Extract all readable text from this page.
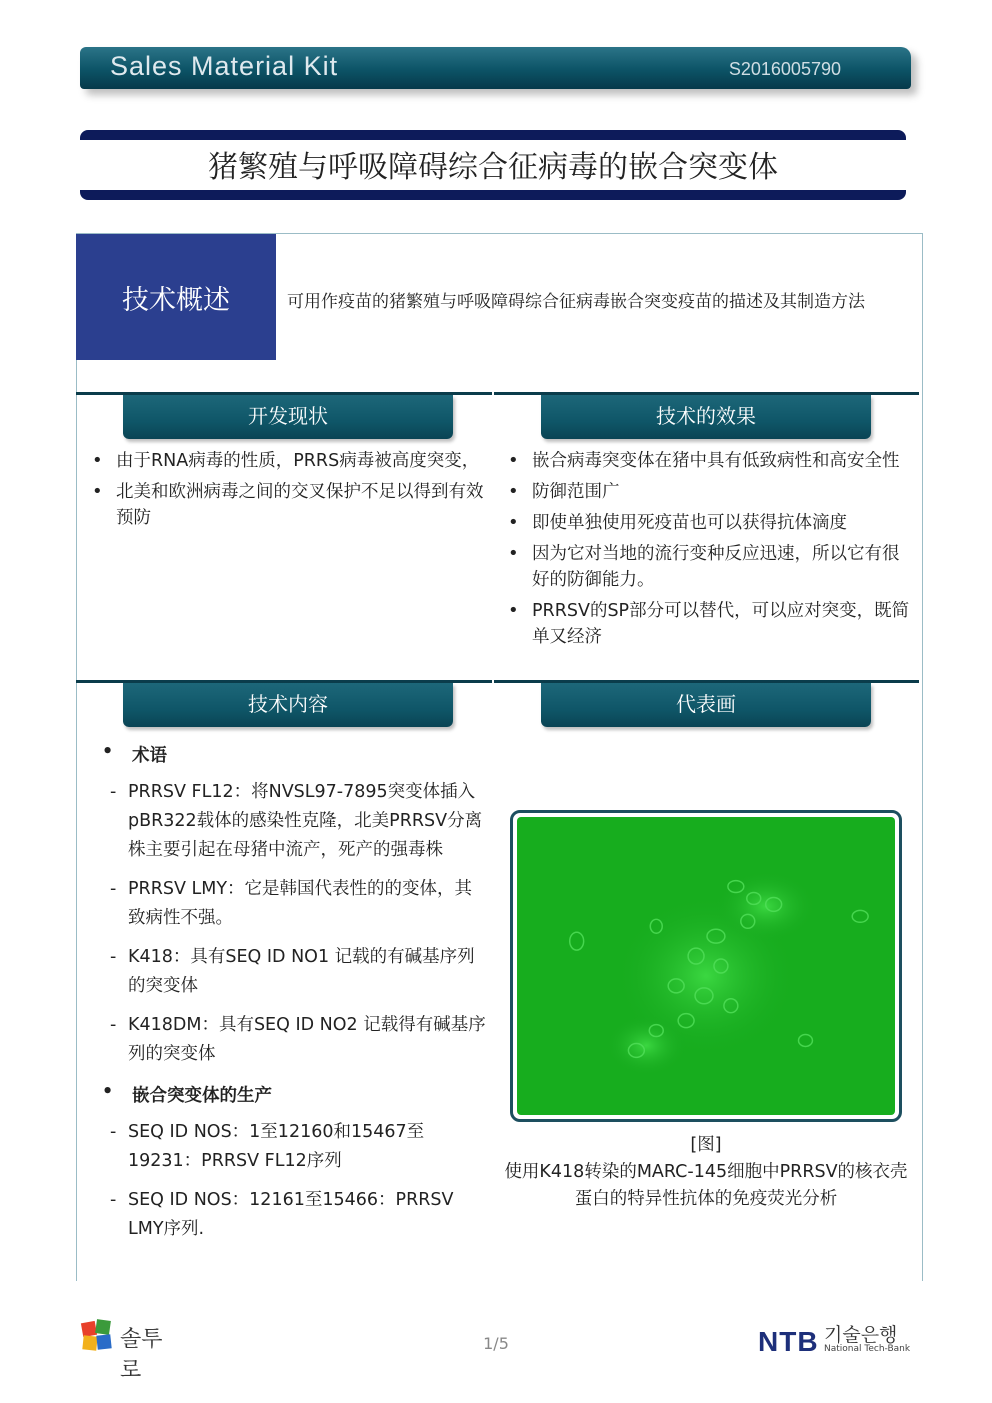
Sales Material Kit	S2016005790
猪繁殖与呼吸障碍综合征病毒的嵌合突变体
技术概述	可用作疫苗的猪繁殖与呼吸障碍综合征病毒嵌合突变疫苗的描述及其制造方法
开发现状
• 由于RNA病毒的性质，PRRS病毒被高度突变，
• 北美和欧洲病毒之间的交叉保护不足以得到有效预防
技术的效果
• 嵌合病毒突变体在猪中具有低致病性和高安全性
• 防御范围广
• 即使单独使用死疫苗也可以获得抗体滴度
• 因为它对当地的流行变种反应迅速，所以它有很好的防御能力。
• PRRSV的SP部分可以替代，可以应对突变，既简单又经济
技术内容
• 术语
- PRRSV FL12：将NVSL97-7895突变体插入pBR322载体的感染性克隆，北美PRRSV分离株主要引起在母猪中流产，死产的强毒株
- PRRSV LMY：它是韩国代表性的的变体，其致病性不强。
- K418：具有SEQ ID NO1 记载的有碱基序列的突变体
- K418DM：具有SEQ ID NO2 记载得有碱基序列的突变体
• 嵌合突变体的生产
- SEQ ID NOS：1至12160和15467至19231：PRRSV FL12序列
- SEQ ID NOS：12161至15466：PRRSV LMY序列.
代表画
[图]
使用K418转染的MARC-145细胞中PRRSV的核衣壳蛋白的特异性抗体的免疫荧光分析
솔투로
1/5	NTB 기술은행
National Tech-Bank
